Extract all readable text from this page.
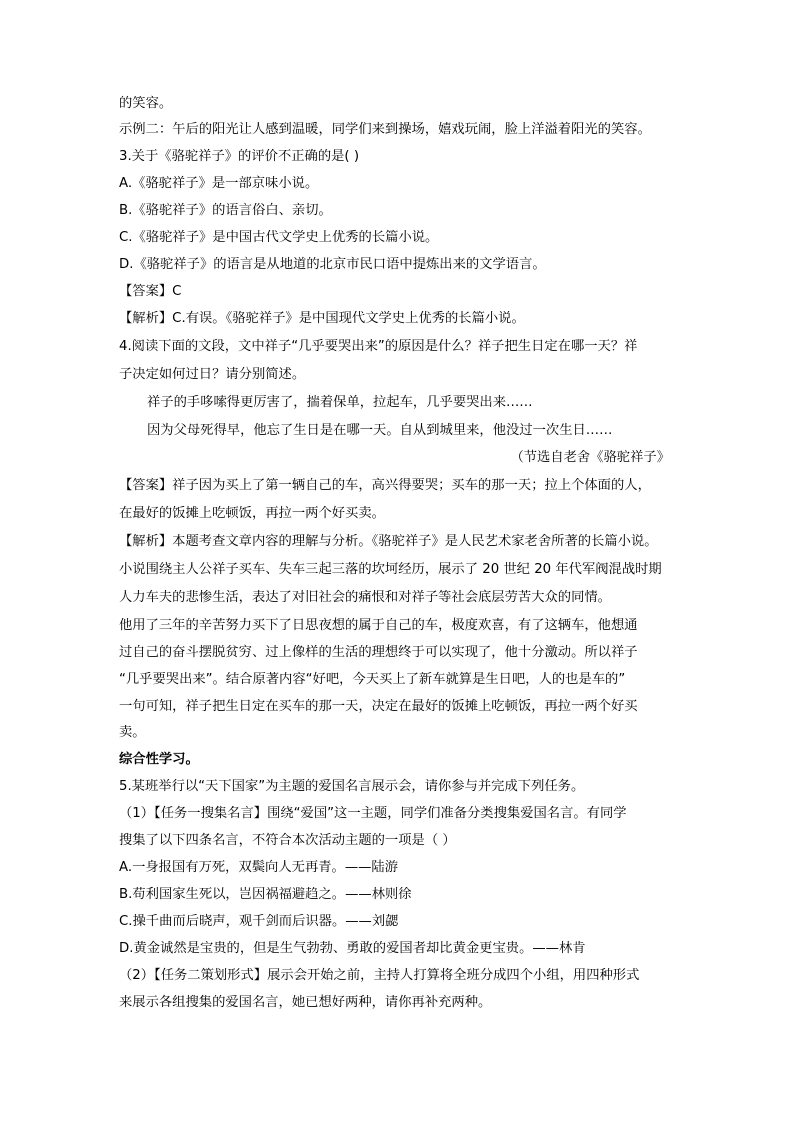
的笑容。
示例二：午后的阳光让人感到温暖，同学们来到操场，嬉戏玩闹，脸上洋溢着阳光的笑容。
3.关于《骆驼祥子》的评价不正确的是( )
A.《骆驼祥子》是一部京味小说。
B.《骆驼祥子》的语言俗白、亲切。
C.《骆驼祥子》是中国古代文学史上优秀的长篇小说。
D.《骆驼祥子》的语言是从地道的北京市民口语中提炼出来的文学语言。
【答案】C
【解析】C.有误。《骆驼祥子》是中国现代文学史上优秀的长篇小说。
4.阅读下面的文段，文中祥子“几乎要哭出来”的原因是什么？祥子把生日定在哪一天？祥
子决定如何过日？请分别简述。
祥子的手哆嗦得更厉害了，揣着保单，拉起车，几乎要哭出来……
因为父母死得早，他忘了生日是在哪一天。自从到城里来，他没过一次生日……
（节选自老舍《骆驼祥子》
【答案】祥子因为买上了第一辆自己的车，高兴得要哭；买车的那一天；拉上个体面的人，
在最好的饭摊上吃顿饭，再拉一两个好买卖。
【解析】本题考查文章内容的理解与分析。《骆驼祥子》是人民艺术家老舍所著的长篇小说。
小说围绕主人公祥子买车、失车三起三落的坎坷经历，展示了 20 世纪 20 年代军阀混战时期
人力车夫的悲惨生活，表达了对旧社会的痛恨和对祥子等社会底层劳苦大众的同情。
他用了三年的辛苦努力买下了日思夜想的属于自己的车，极度欢喜，有了这辆车，他想通
过自己的奋斗摆脱贫穷、过上像样的生活的理想终于可以实现了，他十分激动。所以祥子
“几乎要哭出来”。结合原著内容“好吧，今天买上了新车就算是生日吧，人的也是车的”
一句可知，祥子把生日定在买车的那一天，决定在最好的饭摊上吃顿饭，再拉一两个好买
卖。
综合性学习。
5.某班举行以“天下国家”为主题的爱国名言展示会，请你参与并完成下列任务。
（1）【任务一搜集名言】围绕“爱国”这一主题，同学们准备分类搜集爱国名言。有同学
搜集了以下四条名言，不符合本次活动主题的一项是（ ）
A.一身报国有万死，双鬓向人无再青。——陆游
B.苟利国家生死以，岂因祸福避趋之。——林则徐
C.操千曲而后晓声，观千剑而后识器。——刘勰
D.黄金诚然是宝贵的，但是生气勃勃、勇敢的爱国者却比黄金更宝贵。——林肯
（2）【任务二策划形式】展示会开始之前，主持人打算将全班分成四个小组，用四种形式
来展示各组搜集的爱国名言，她已想好两种，请你再补充两种。
